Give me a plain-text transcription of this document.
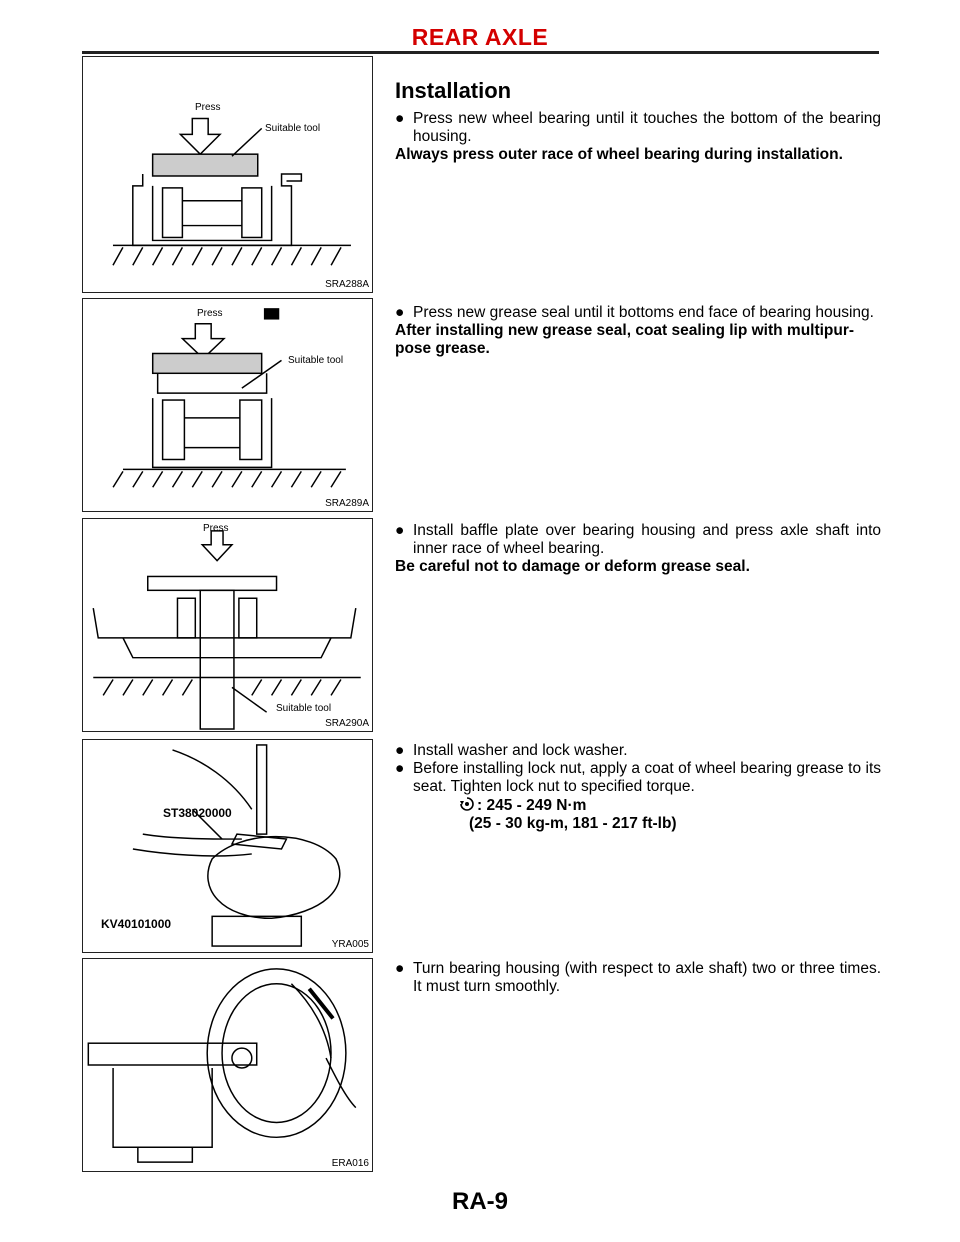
REAR AXLE
Press
Suitable tool
SRA288A
Press
Suitable tool
SRA289A
Press
Suitable tool
SRA290A
ST38020000
KV40101000
YRA005
ERA016
Installation
● Press new wheel bearing until it touches the bottom of the bearing housing.
Always press outer race of wheel bearing during installation.
● Press new grease seal until it bottoms end face of bearing housing.
After installing new grease seal, coat sealing lip with multipur-pose grease.
● Install baffle plate over bearing housing and press axle shaft into inner race of wheel bearing.
Be careful not to damage or deform grease seal.
● Install washer and lock washer.
● Before installing lock nut, apply a coat of wheel bearing grease to its seat. Tighten lock nut to specified torque.
: 245 - 249 N·m
(25 - 30 kg-m, 181 - 217 ft-lb)
● Turn bearing housing (with respect to axle shaft) two or three times. It must turn smoothly.
RA-9
